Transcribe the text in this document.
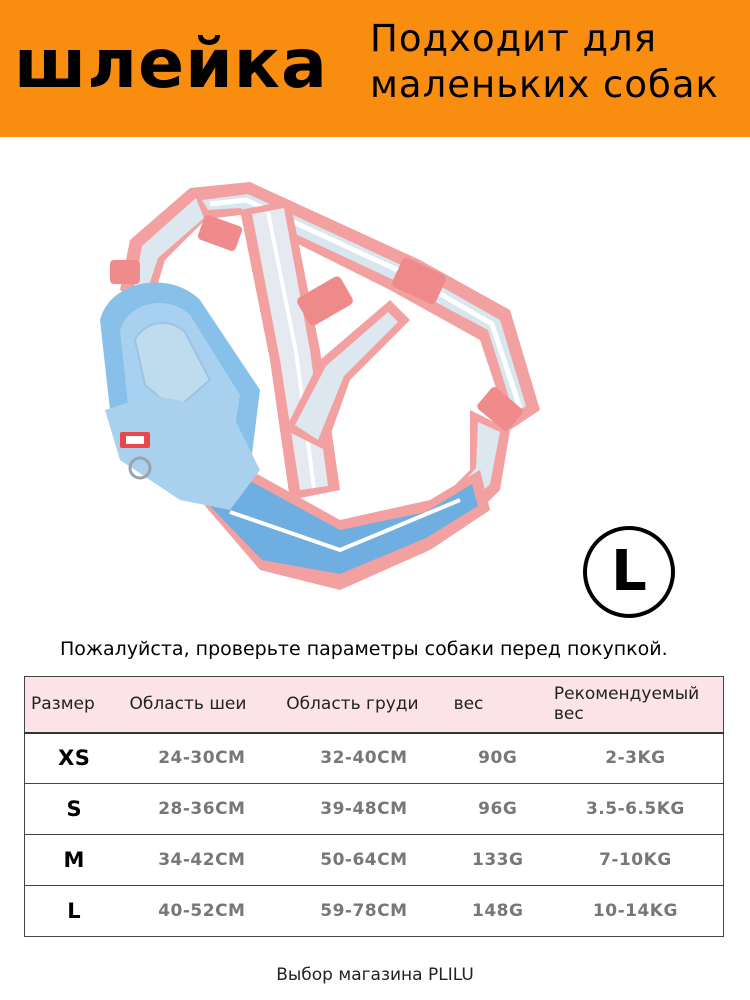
шлейка Подходит для
маленьких собак
L
Пожалуйста, проверьте параметры собаки перед покупкой.
Размер	Область шеи	Область груди	вес	Рекомендуемый вес
XS	24-30CM	32-40CM	90G	2-3KG
S	28-36CM	39-48CM	96G	3.5-6.5KG
M	34-42CM	50-64CM	133G	7-10KG
L	40-52CM	59-78CM	148G	10-14KG
Выбор магазина PLILU
